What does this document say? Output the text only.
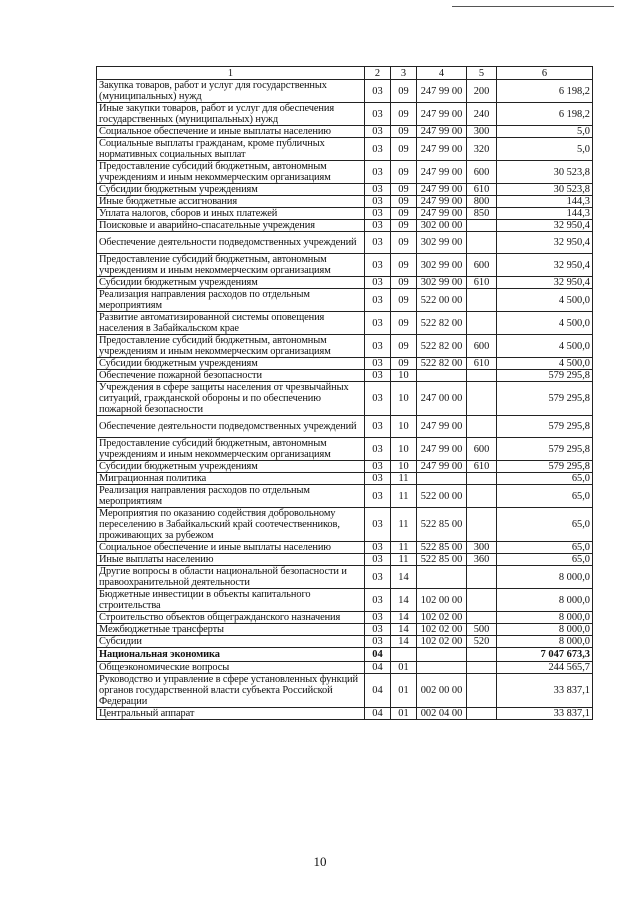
1	2	3	4	5	6
Закупка товаров, работ и услуг для государственных (муниципальных) нужд	03	09	247 99 00	200	6 198,2
Иные закупки товаров, работ и услуг для обеспечения государственных (муниципальных) нужд	03	09	247 99 00	240	6 198,2
Социальное обеспечение и иные выплаты населению	03	09	247 99 00	300	5,0
Социальные выплаты гражданам, кроме публичных нормативных социальных выплат	03	09	247 99 00	320	5,0
Предоставление субсидий бюджетным, автономным учреждениям и иным некоммерческим организациям	03	09	247 99 00	600	30 523,8
Субсидии бюджетным учреждениям	03	09	247 99 00	610	30 523,8
Иные бюджетные ассигнования	03	09	247 99 00	800	144,3
Уплата налогов, сборов и иных платежей	03	09	247 99 00	850	144,3
Поисковые и аварийно-спасательные учреждения	03	09	302 00 00		32 950,4
Обеспечение деятельности подведомственных учреждений	03	09	302 99 00		32 950,4
Предоставление субсидий бюджетным, автономным учреждениям и иным некоммерческим организациям	03	09	302 99 00	600	32 950,4
Субсидии бюджетным учреждениям	03	09	302 99 00	610	32 950,4
Реализация направления расходов по отдельным мероприятиям	03	09	522 00 00		4 500,0
Развитие автоматизированной системы оповещения населения в Забайкальском крае	03	09	522 82 00		4 500,0
Предоставление субсидий бюджетным, автономным учреждениям и иным некоммерческим организациям	03	09	522 82 00	600	4 500,0
Субсидии бюджетным учреждениям	03	09	522 82 00	610	4 500,0
Обеспечение пожарной безопасности	03	10			579 295,8
Учреждения в сфере защиты населения от чрезвычайных ситуаций, гражданской обороны и по обеспечению пожарной безопасности	03	10	247 00 00		579 295,8
Обеспечение деятельности подведомственных учреждений	03	10	247 99 00		579 295,8
Предоставление субсидий бюджетным, автономным учреждениям и иным некоммерческим организациям	03	10	247 99 00	600	579 295,8
Субсидии бюджетным учреждениям	03	10	247 99 00	610	579 295,8
Миграционная политика	03	11			65,0
Реализация направления расходов по отдельным мероприятиям	03	11	522 00 00		65,0
Мероприятия по оказанию содействия добровольному переселению в Забайкальский край соотечественников, проживающих за рубежом	03	11	522 85 00		65,0
Социальное обеспечение и иные выплаты населению	03	11	522 85 00	300	65,0
Иные выплаты населению	03	11	522 85 00	360	65,0
Другие вопросы в области национальной безопасности и правоохранительной деятельности	03	14			8 000,0
Бюджетные инвестиции в объекты капитального строительства	03	14	102 00 00		8 000,0
Строительство объектов общегражданского назначения	03	14	102 02 00		8 000,0
Межбюджетные трансферты	03	14	102 02 00	500	8 000,0
Субсидии	03	14	102 02 00	520	8 000,0
Национальная экономика	04				7 047 673,3
Общеэкономические вопросы	04	01			244 565,7
Руководство и управление в сфере установленных функций органов государственной власти субъекта Российской Федерации	04	01	002 00 00		33 837,1
Центральный аппарат	04	01	002 04 00		33 837,1
10
